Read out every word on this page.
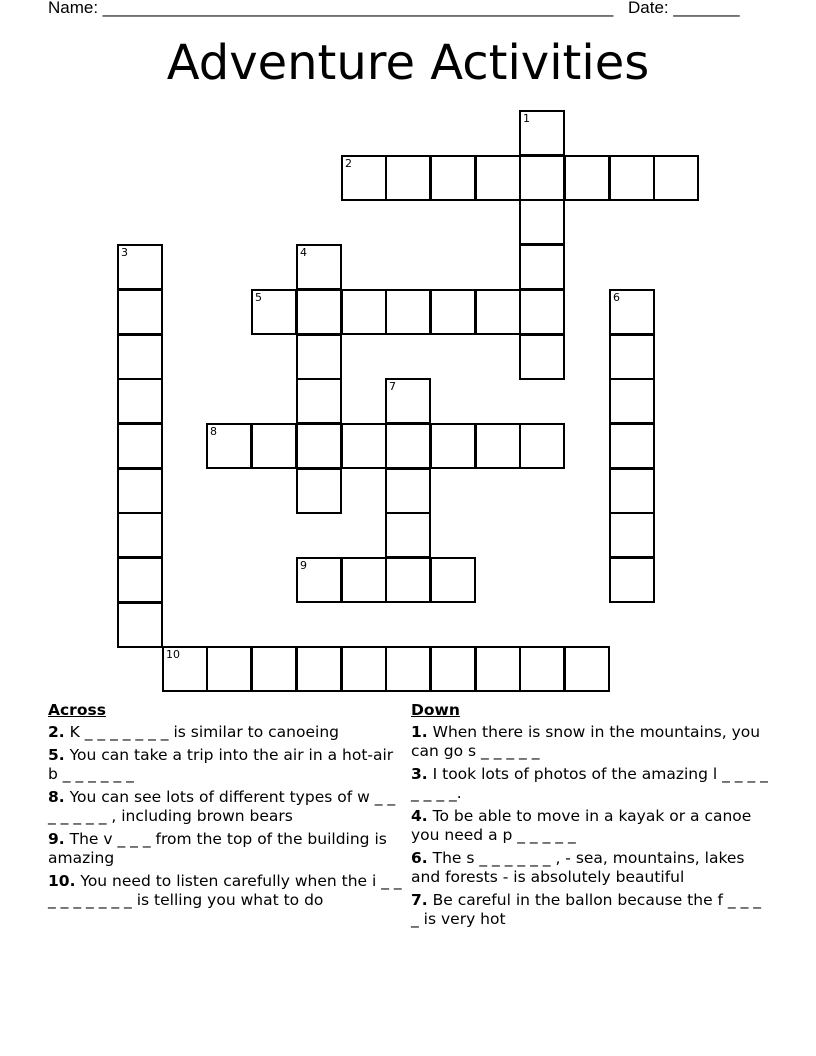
Name: ______________________________________________________ Date: _______
Adventure Activities
1
2
3	4
5	6
7
8
9
10
Across
2. K _ _ _ _ _ _ _ is similar to canoeing
5. You can take a trip into the air in a hot-air b _ _ _ _ _ _
8. You can see lots of different types of w _ _ _ _ _ _ _ , including brown bears
9. The v _ _ _ from the top of the building is amazing
10. You need to listen carefully when the i _ _ _ _ _ _ _ _ _ is telling you what to do
Down
1. When there is snow in the mountains, you can go s _ _ _ _ _
3. I took lots of photos of the amazing l _ _ _ _ _ _ _ _.
4. To be able to move in a kayak or a canoe you need a p _ _ _ _ _
6. The s _ _ _ _ _ _ , - sea, mountains, lakes and forests - is absolutely beautiful
7. Be careful in the ballon because the f _ _ _ _ is very hot
